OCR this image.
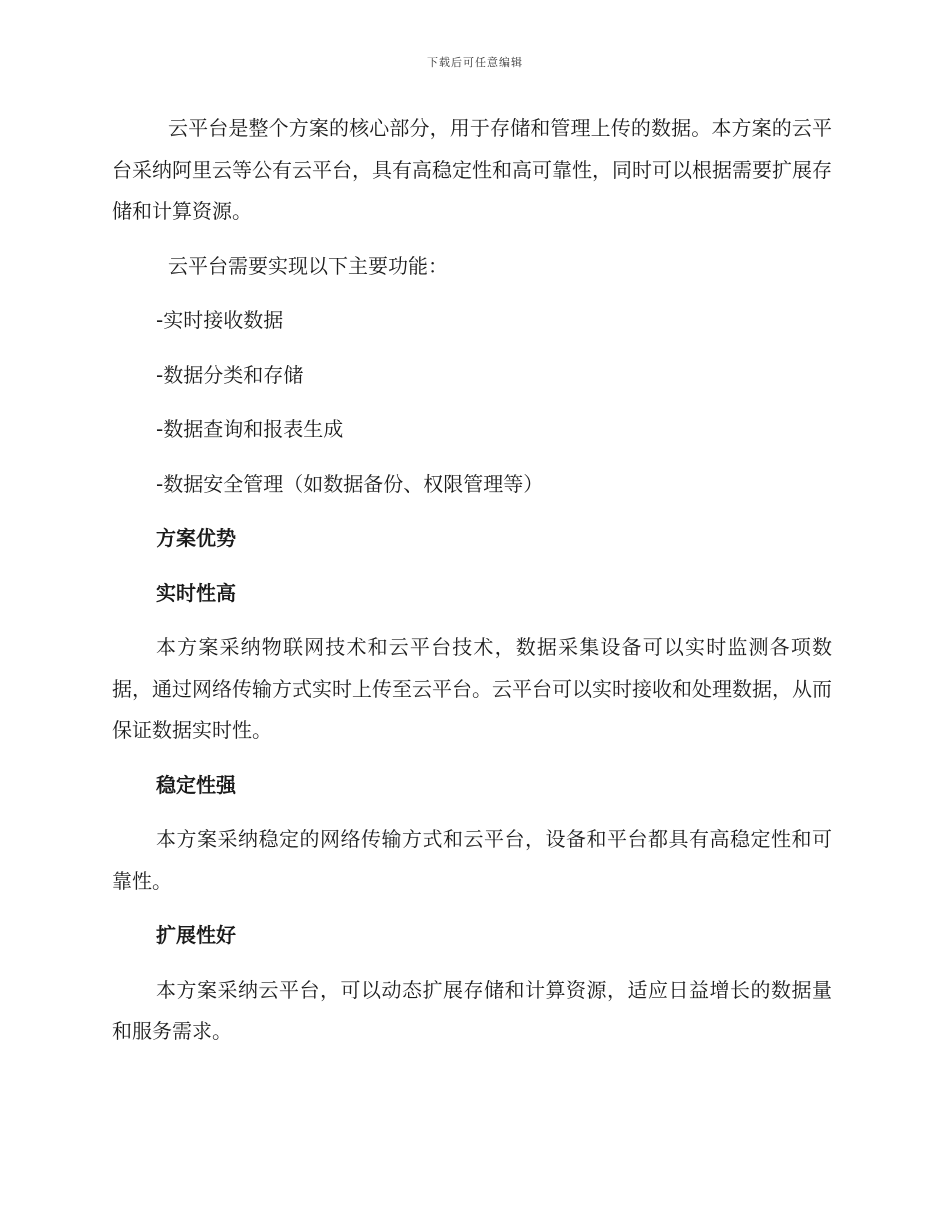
下载后可任意编辑

云平台是整个方案的核心部分，用于存储和管理上传的数据。本方案的云平台采纳阿里云等公有云平台，具有高稳定性和高可靠性，同时可以根据需要扩展存储和计算资源。

云平台需要实现以下主要功能：

-实时接收数据
-数据分类和存储
-数据查询和报表生成
-数据安全管理（如数据备份、权限管理等）
方案优势
实时性高

本方案采纳物联网技术和云平台技术，数据采集设备可以实时监测各项数据，通过网络传输方式实时上传至云平台。云平台可以实时接收和处理数据，从而保证数据实时性。

稳定性强

本方案采纳稳定的网络传输方式和云平台，设备和平台都具有高稳定性和可靠性。

扩展性好

本方案采纳云平台，可以动态扩展存储和计算资源，适应日益增长的数据量和服务需求。
